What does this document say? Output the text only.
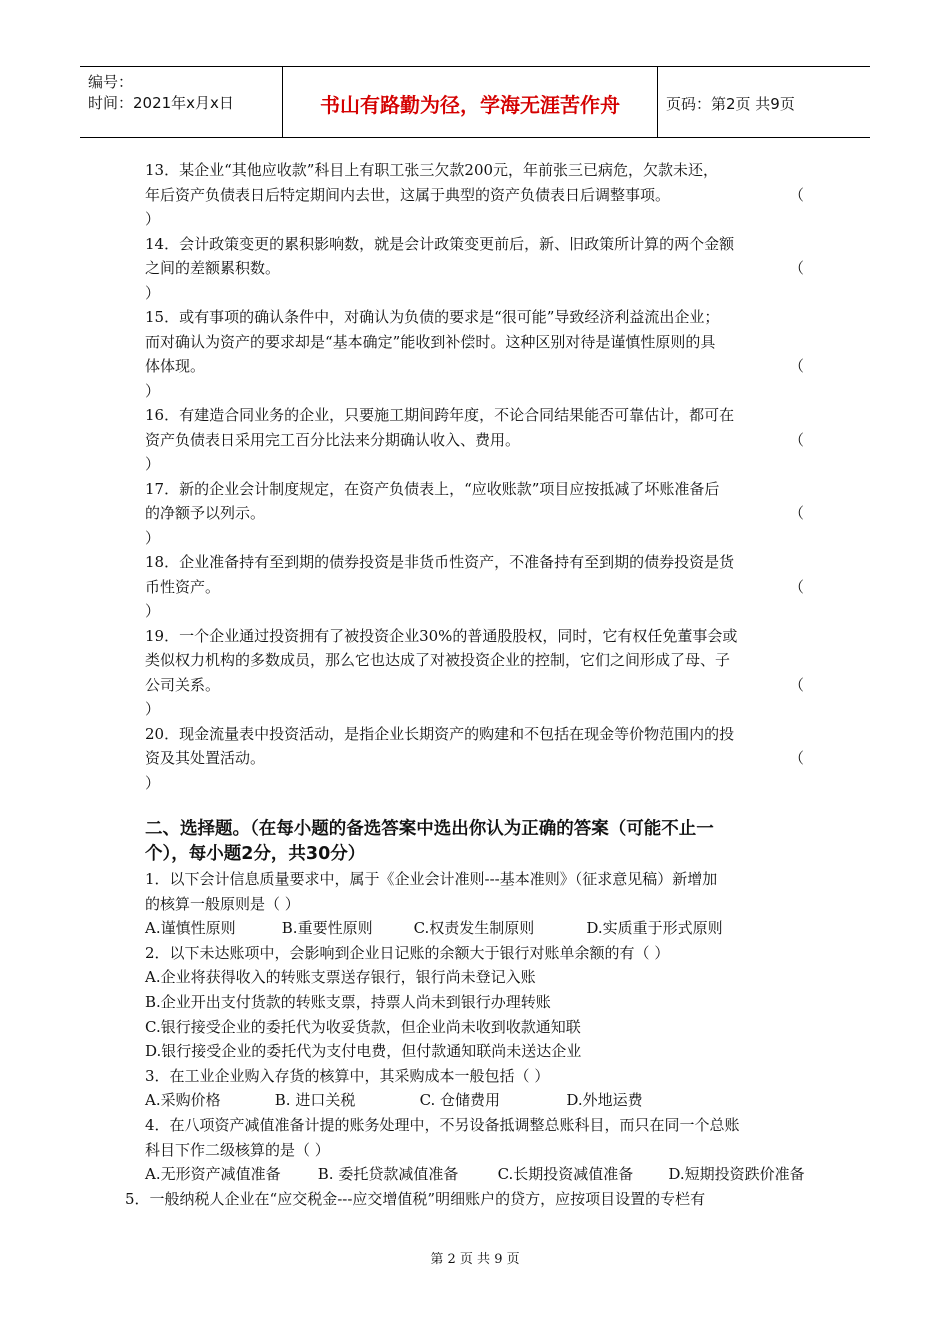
编号：
时间：2021年x月x日	书山有路勤为径，学海无涯苦作舟	页码：第2页 共9页
13．某企业“其他应收款”科目上有职工张三欠款200元，年前张三已病危，欠款未还，
年后资产负债表日后特定期间内去世，这属于典型的资产负债表日后调整事项。	（
）
14．会计政策变更的累积影响数，就是会计政策变更前后，新、旧政策所计算的两个金额
之间的差额累积数。	（
）
15．或有事项的确认条件中，对确认为负债的要求是“很可能”导致经济利益流出企业；
而对确认为资产的要求却是“基本确定”能收到补偿时。这种区别对待是谨慎性原则的具
体体现。	（
）
16．有建造合同业务的企业，只要施工期间跨年度，不论合同结果能否可靠估计，都可在
资产负债表日采用完工百分比法来分期确认收入、费用。	（
）
17．新的企业会计制度规定，在资产负债表上，“应收账款”项目应按抵减了坏账准备后
的净额予以列示。	（
）
18．企业准备持有至到期的债券投资是非货币性资产，不准备持有至到期的债券投资是货
币性资产。	（
）
19．一个企业通过投资拥有了被投资企业30%的普通股股权，同时，它有权任免董事会或
类似权力机构的多数成员，那么它也达成了对被投资企业的控制，它们之间形成了母、子
公司关系。	（
）
20．现金流量表中投资活动，是指企业长期资产的购建和不包括在现金等价物范围内的投
资及其处置活动。	（
）
二、选择题。（在每小题的备选答案中选出你认为正确的答案（可能不止一
个），每小题2分，共30分）
1．以下会计信息质量要求中，属于《企业会计准则---基本准则》（征求意见稿）新增加
的核算一般原则是（ ）
A.谨慎性原则	B.重要性原则	C.权责发生制原则	D.实质重于形式原则
2．以下未达账项中，会影响到企业日记账的余额大于银行对账单余额的有（ ）
A.企业将获得收入的转账支票送存银行，银行尚未登记入账
B.企业开出支付货款的转账支票，持票人尚未到银行办理转账
C.银行接受企业的委托代为收妥货款，但企业尚未收到收款通知联
D.银行接受企业的委托代为支付电费，但付款通知联尚未送达企业
3．在工业企业购入存货的核算中，其采购成本一般包括（ ）
A.采购价格	B. 进口关税	C. 仓储费用	D.外地运费
4．在八项资产减值准备计提的账务处理中，不另设备抵调整总账科目，而只在同一个总账
科目下作二级核算的是（ ）
A.无形资产减值准备 B. 委托贷款减值准备	C.长期投资减值准备 D.短期投资跌价准备
5．一般纳税人企业在“应交税金---应交增值税”明细账户的贷方，应按项目设置的专栏有
第 2 页 共 9 页
